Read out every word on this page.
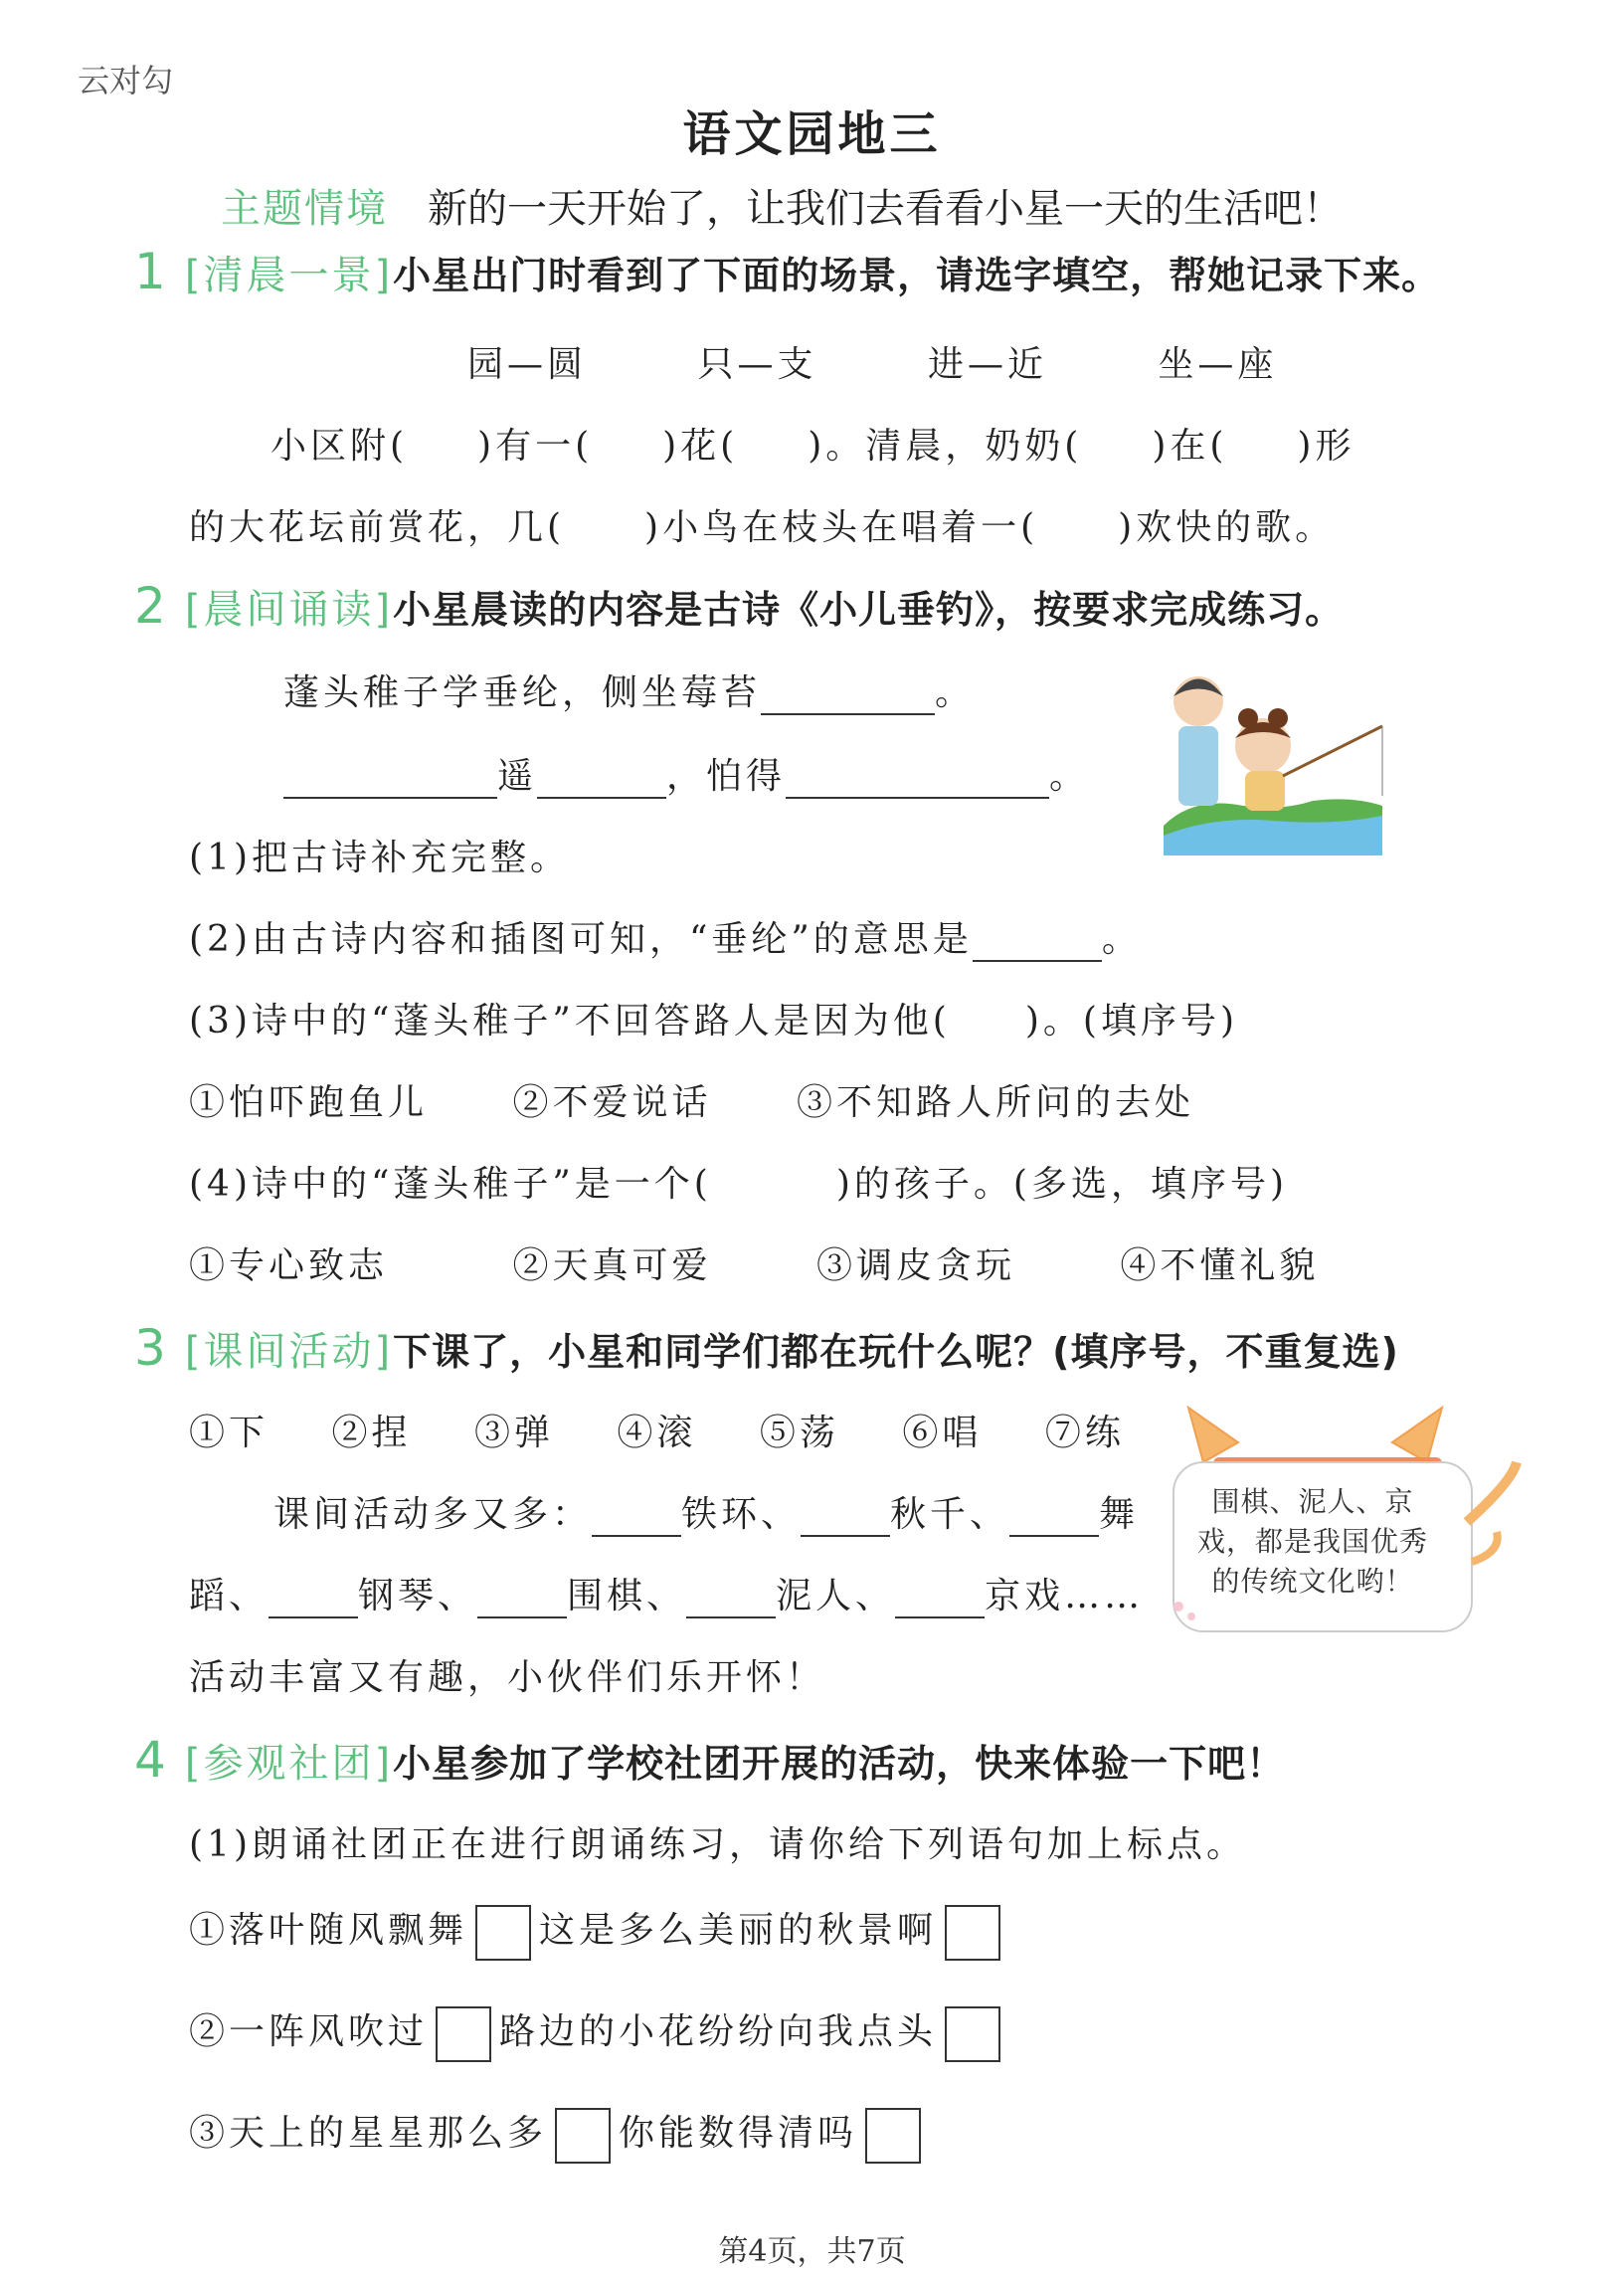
云对勾
语文园地三
主题情境 新的一天开始了，让我们去看看小星一天的生活吧！
1 [清晨一景]小星出门时看到了下面的场景，请选字填空，帮她记录下来。
园—圆	只—支	进—近	坐—座
小区附( )有一( )花( )。清晨，奶奶( )在( )形
的大花坛前赏花，几( )小鸟在枝头在唱着一( )欢快的歌。
2 [晨间诵读]小星晨读的内容是古诗《小儿垂钓》，按要求完成练习。
蓬头稚子学垂纶，侧坐莓苔	。
遥	，怕得	。
(1)把古诗补充完整。
(2)由古诗内容和插图可知，“垂纶”的意思是	。
(3)诗中的“蓬头稚子”不回答路人是因为他( )。(填序号)
①怕吓跑鱼儿 ②不爱说话 ③不知路人所问的去处
(4)诗中的“蓬头稚子”是一个(	)的孩子。(多选，填序号)
①专心致志	②天真可爱	③调皮贪玩	④不懂礼貌
3 [课间活动]下课了，小星和同学们都在玩什么呢？(填序号，不重复选)
①下 ②捏 ③弹 ④滚 ⑤荡 ⑥唱 ⑦练
课间活动多又多：	铁环、	秋千、	舞
蹈、	钢琴、	围棋、	泥人、	京戏……
活动丰富又有趣，小伙伴们乐开怀！
围棋、泥人、京戏，都是我国优秀的传统文化哟！
4 [参观社团]小星参加了学校社团开展的活动，快来体验一下吧！
(1)朗诵社团正在进行朗诵练习，请你给下列语句加上标点。
①落叶随风飘舞 这是多么美丽的秋景啊
②一阵风吹过 路边的小花纷纷向我点头
③天上的星星那么多 你能数得清吗
第4页，共7页
